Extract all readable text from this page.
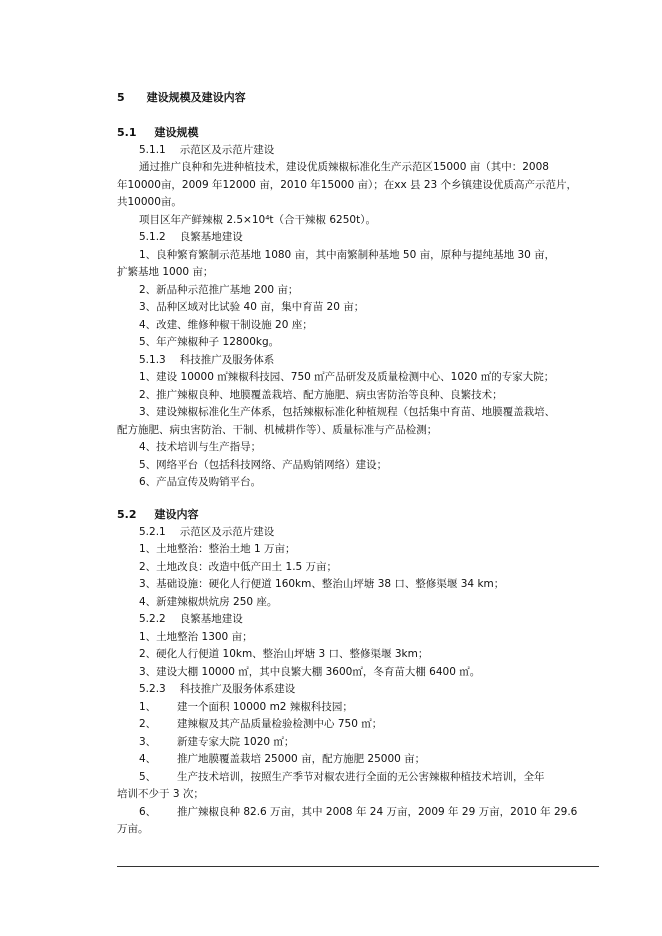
5 建设规模及建设内容
5.1 建设规模
5.1.1 示范区及示范片建设

通过推广良种和先进种植技术，建设优质辣椒标准化生产示范区15000 亩（其中：2008

年10000亩，2009 年12000 亩，2010 年15000 亩）；在xx 县 23 个乡镇建设优质高产示范片，

共10000亩。

项目区年产鲜辣椒 2.5×10⁴t（合干辣椒 6250t）。

5.1.2 良繁基地建设

1、良种繁育繁制示范基地 1080 亩，其中南繁制种基地 50 亩，原种与提纯基地 30 亩，

扩繁基地 1000 亩；

2、新品种示范推广基地 200 亩；

3、品种区域对比试验 40 亩，集中育苗 20 亩；

4、改建、维修种椒干制设施 20 座；

5、年产辣椒种子 12800kg。

5.1.3 科技推广及服务体系

1、建设 10000 ㎡辣椒科技园、750 ㎡产品研发及质量检测中心、1020 ㎡的专家大院；

2、推广辣椒良种、地膜覆盖栽培、配方施肥、病虫害防治等良种、良繁技术；

3、建设辣椒标准化生产体系，包括辣椒标准化种植规程（包括集中育苗、地膜覆盖栽培、

配方施肥、病虫害防治、干制、机械耕作等）、质量标准与产品检测；

4、技术培训与生产指导；

5、网络平台（包括科技网络、产品购销网络）建设；

6、产品宣传及购销平台。

5.2 建设内容
5.2.1 示范区及示范片建设

1、土地整治：整治土地 1 万亩；

2、土地改良：改造中低产田土 1.5 万亩；

3、基础设施：硬化人行便道 160km、整治山坪塘 38 口、整修渠堰 34 km；

4、新建辣椒烘炕房 250 座。

5.2.2 良繁基地建设

1、土地整治 1300 亩；

2、硬化人行便道 10km、整治山坪塘 3 口、整修渠堰 3km；

3、建设大棚 10000 ㎡，其中良繁大棚 3600㎡，冬育苗大棚 6400 ㎡。

5.2.3 科技推广及服务体系建设
1、 建一个面积 10000 m2 辣椒科技园；
2、 建辣椒及其产品质量检验检测中心 750 ㎡；
3、 新建专家大院 1020 ㎡；
4、 推广地膜覆盖栽培 25000 亩，配方施肥 25000 亩；
5、 生产技术培训，按照生产季节对椒农进行全面的无公害辣椒种植技术培训，全年
培训不少于 3 次；
6、 推广辣椒良种 82.6 万亩，其中 2008 年 24 万亩，2009 年 29 万亩，2010 年 29.6
万亩。
